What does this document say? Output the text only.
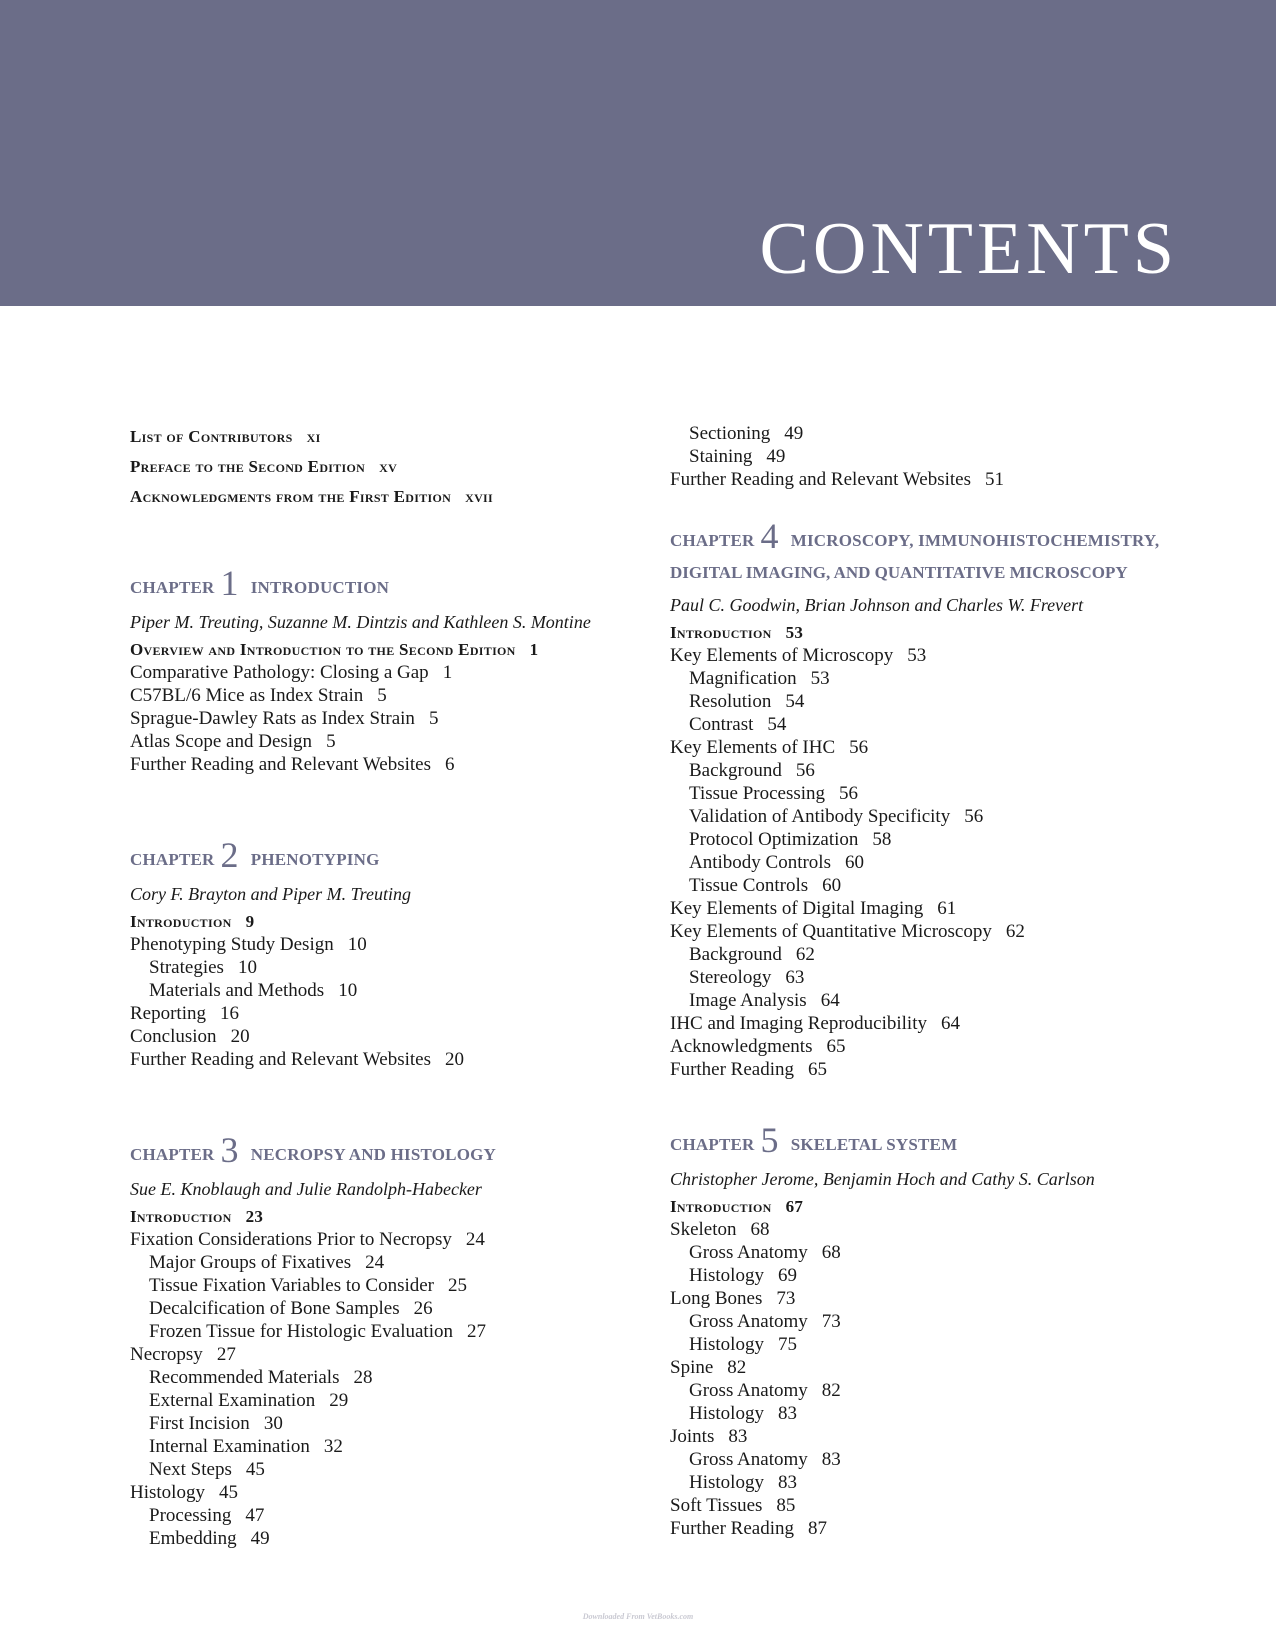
CONTENTS
List of Contributors xi
Preface to the Second Edition xv
Acknowledgments from the First Edition xvii
CHAPTER 1 INTRODUCTION
Piper M. Treuting, Suzanne M. Dintzis and Kathleen S. Montine
Overview and Introduction to the Second Edition 1
Comparative Pathology: Closing a Gap 1
C57BL/6 Mice as Index Strain 5
Sprague-Dawley Rats as Index Strain 5
Atlas Scope and Design 5
Further Reading and Relevant Websites 6
CHAPTER 2 PHENOTYPING
Cory F. Brayton and Piper M. Treuting
Introduction 9
Phenotyping Study Design 10
Strategies 10
Materials and Methods 10
Reporting 16
Conclusion 20
Further Reading and Relevant Websites 20
CHAPTER 3 NECROPSY AND HISTOLOGY
Sue E. Knoblaugh and Julie Randolph-Habecker
Introduction 23
Fixation Considerations Prior to Necropsy 24
Major Groups of Fixatives 24
Tissue Fixation Variables to Consider 25
Decalcification of Bone Samples 26
Frozen Tissue for Histologic Evaluation 27
Necropsy 27
Recommended Materials 28
External Examination 29
First Incision 30
Internal Examination 32
Next Steps 45
Histology 45
Processing 47
Embedding 49
Sectioning 49
Staining 49
Further Reading and Relevant Websites 51
CHAPTER 4 MICROSCOPY, IMMUNOHISTOCHEMISTRY,
DIGITAL IMAGING, AND QUANTITATIVE MICROSCOPY
Paul C. Goodwin, Brian Johnson and Charles W. Frevert
Introduction 53
Key Elements of Microscopy 53
Magnification 53
Resolution 54
Contrast 54
Key Elements of IHC 56
Background 56
Tissue Processing 56
Validation of Antibody Specificity 56
Protocol Optimization 58
Antibody Controls 60
Tissue Controls 60
Key Elements of Digital Imaging 61
Key Elements of Quantitative Microscopy 62
Background 62
Stereology 63
Image Analysis 64
IHC and Imaging Reproducibility 64
Acknowledgments 65
Further Reading 65
CHAPTER 5 SKELETAL SYSTEM
Christopher Jerome, Benjamin Hoch and Cathy S. Carlson
Introduction 67
Skeleton 68
Gross Anatomy 68
Histology 69
Long Bones 73
Gross Anatomy 73
Histology 75
Spine 82
Gross Anatomy 82
Histology 83
Joints 83
Gross Anatomy 83
Histology 83
Soft Tissues 85
Further Reading 87
Downloaded From VetBooks.com
